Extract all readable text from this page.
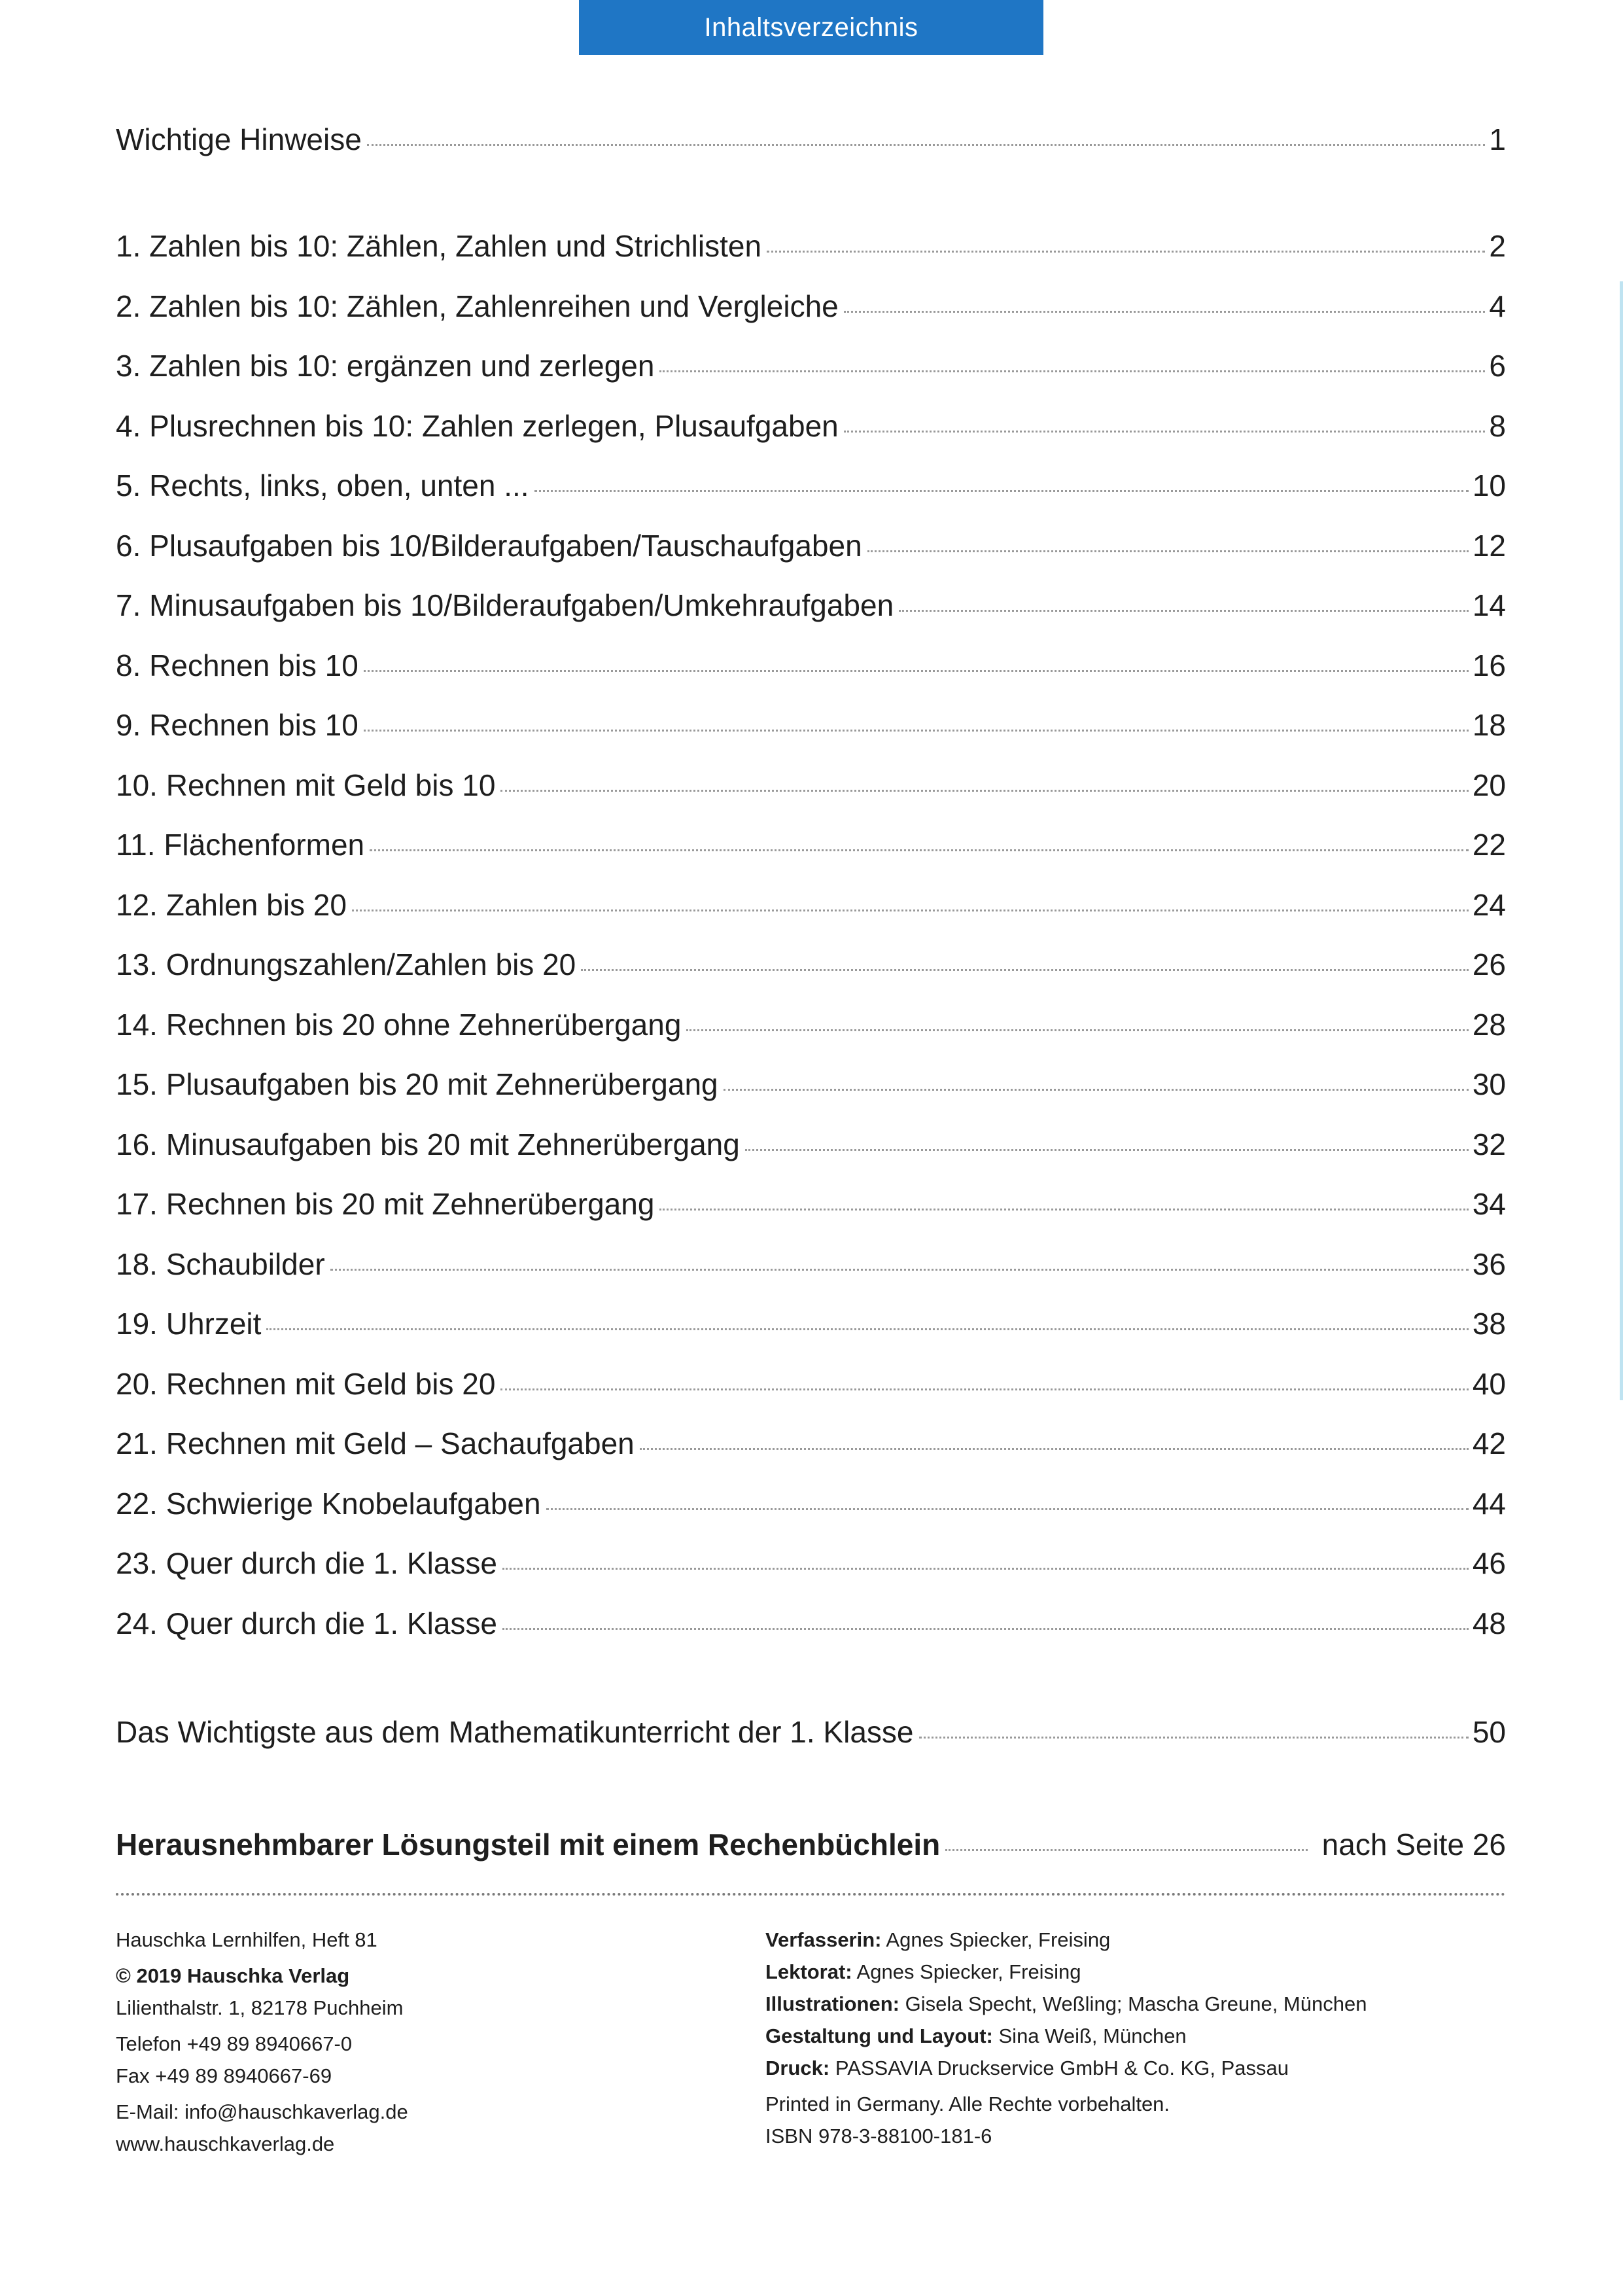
Inhaltsverzeichnis
Wichtige Hinweise	1
1. Zahlen bis 10: Zählen, Zahlen und Strichlisten	2
2. Zahlen bis 10: Zählen, Zahlenreihen und Vergleiche	4
3. Zahlen bis 10: ergänzen und zerlegen	6
4. Plusrechnen bis 10: Zahlen zerlegen, Plusaufgaben	8
5. Rechts, links, oben, unten ...	10
6. Plusaufgaben bis 10/Bilderaufgaben/Tauschaufgaben	12
7. Minusaufgaben bis 10/Bilderaufgaben/Umkehraufgaben	14
8. Rechnen bis 10	16
9. Rechnen bis 10	18
10. Rechnen mit Geld bis 10	20
11. Flächenformen	22
12. Zahlen bis 20	24
13. Ordnungszahlen/Zahlen bis 20	26
14. Rechnen bis 20 ohne Zehnerübergang	28
15. Plusaufgaben bis 20 mit Zehnerübergang	30
16. Minusaufgaben bis 20 mit Zehnerübergang	32
17. Rechnen bis 20 mit Zehnerübergang	34
18. Schaubilder	36
19. Uhrzeit	38
20. Rechnen mit Geld bis 20	40
21. Rechnen mit Geld – Sachaufgaben	42
22. Schwierige Knobelaufgaben	44
23. Quer durch die 1. Klasse	46
24. Quer durch die 1. Klasse	48
Das Wichtigste aus dem Mathematikunterricht der 1. Klasse	50
Herausnehmbarer Lösungsteil mit einem Rechenbüchlein	nach Seite 26
Hauschka Lernhilfen, Heft 81
© 2019 Hauschka Verlag
Lilienthalstr. 1, 82178 Puchheim
Telefon +49 89 8940667-0
Fax +49 89 8940667-69
E-Mail: info@hauschkaverlag.de
www.hauschkaverlag.de
Verfasserin: Agnes Spiecker, Freising
Lektorat: Agnes Spiecker, Freising
Illustrationen: Gisela Specht, Weßling; Mascha Greune, München
Gestaltung und Layout: Sina Weiß, München
Druck: PASSAVIA Druckservice GmbH & Co. KG, Passau
Printed in Germany. Alle Rechte vorbehalten.
ISBN 978-3-88100-181-6
